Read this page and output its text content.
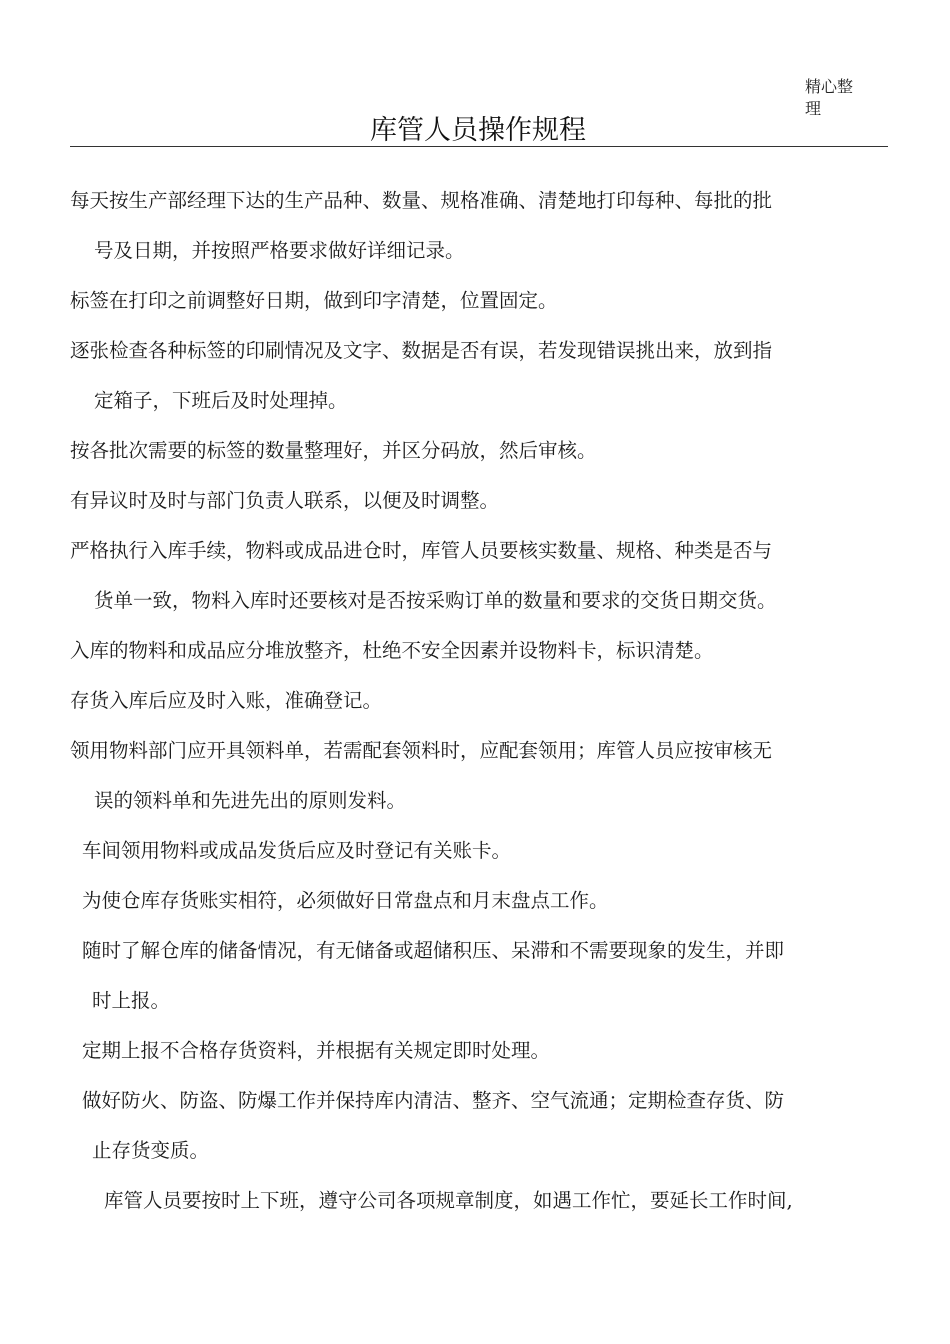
精心整
理
库管人员操作规程
每天按生产部经理下达的生产品种、数量、规格准确、清楚地打印每种、每批的批
号及日期，并按照严格要求做好详细记录。
标签在打印之前调整好日期，做到印字清楚，位置固定。
逐张检查各种标签的印刷情况及文字、数据是否有误，若发现错误挑出来，放到指
定箱子，下班后及时处理掉。
按各批次需要的标签的数量整理好，并区分码放，然后审核。
有异议时及时与部门负责人联系，以便及时调整。
严格执行入库手续，物料或成品进仓时，库管人员要核实数量、规格、种类是否与
货单一致，物料入库时还要核对是否按采购订单的数量和要求的交货日期交货。
入库的物料和成品应分堆放整齐，杜绝不安全因素并设物料卡，标识清楚。
存货入库后应及时入账，准确登记。
领用物料部门应开具领料单，若需配套领料时，应配套领用；库管人员应按审核无
误的领料单和先进先出的原则发料。
车间领用物料或成品发货后应及时登记有关账卡。
为使仓库存货账实相符，必须做好日常盘点和月末盘点工作。
随时了解仓库的储备情况，有无储备或超储积压、呆滞和不需要现象的发生，并即
时上报。
定期上报不合格存货资料，并根据有关规定即时处理。
做好防火、防盗、防爆工作并保持库内清洁、整齐、空气流通；定期检查存货、防
止存货变质。
库管人员要按时上下班，遵守公司各项规章制度，如遇工作忙，要延长工作时间,
